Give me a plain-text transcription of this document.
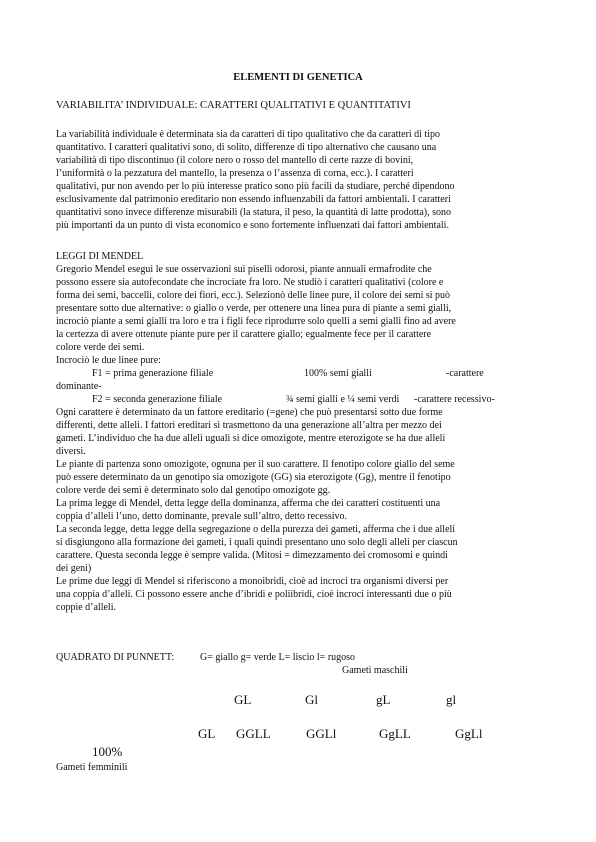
ELEMENTI DI GENETICA
VARIABILITA’ INDIVIDUALE: CARATTERI QUALITATIVI E QUANTITATIVI

La variabilità individuale è determinata sia da caratteri di tipo qualitativo che da caratteri di tipo

quantitativo. I caratteri qualitativi sono, di solito, differenze di tipo alternativo che causano una

variabilità di tipo discontinuo (il colore nero o rosso del mantello di certe razze di bovini,

l’uniformità o la pezzatura del mantello, la presenza o l’assenza di corna, ecc.). I caratteri

qualitativi, pur non avendo per lo più interesse pratico sono più facili da studiare, perché dipendono

esclusivamente dal patrimonio ereditario non essendo influenzabili da fattori ambientali. I caratteri

quantitativi sono invece differenze misurabili (la statura, il peso, la quantità di latte prodotta), sono

più importanti da un punto di vista economico e sono fortemente influenzati dai fattori ambientali.

LEGGI DI MENDEL

Gregorio Mendel eseguì le sue osservazioni sui piselli odorosi, piante annuali ermafrodite che

possono essere sia autofecondate che incrociate fra loro. Ne studiò i caratteri qualitativi (colore e

forma dei semi, baccelli, colore dei fiori, ecc.). Selezionò delle linee pure, il colore dei semi si può

presentare sotto due alternative: o giallo o verde, per ottenere una linea pura di piante a semi gialli,

incrociò piante a semi gialli tra loro e tra i figli fece riprodurre solo quelli a semi gialli fino ad avere

la certezza di avere ottenute piante pure per il carattere giallo; egualmente fece per il carattere

colore verde dei semi.

Incrociò le due linee pure:

F1 = prima generazione filiale	100% semi gialli	-carattere

dominante-

F2 = seconda generazione filiale	¾ semi gialli e ¼ semi verdi -carattere recessivo-

Ogni carattere è determinato da un fattore ereditario (=gene) che può presentarsi sotto due forme

differenti, dette alleli. I fattori ereditari si trasmettono da una generazione all’altra per mezzo dei

gameti. L’individuo che ha due alleli uguali si dice omozigote, mentre eterozigote se ha due alleli

diversi.

Le piante di partenza sono omozigote, ognuna per il suo carattere. Il fenotipo colore giallo del seme

può essere determinato da un genotipo sia omozigote (GG) sia eterozigote (Gg), mentre il fenotipo

colore verde dei semi è determinato solo dal genotipo omozigote gg.

La prima legge di Mendel, detta legge della dominanza, afferma che dei caratteri costituenti una

coppia d’alleli l’uno, detto dominante, prevale sull’altro, detto recessivo.

La seconda legge, detta legge della segregazione o della purezza dei gameti, afferma che i due alleli

si disgiungono alla formazione dei gameti, i quali quindi presentano uno solo degli alleli per ciascun

carattere. Questa seconda legge è sempre valida. (Mitosi = dimezzamento dei cromosomi e quindi

dei geni)

Le prime due leggi di Mendel si riferiscono a monoibridi, cioè ad incroci tra organismi diversi per

una coppia d’alleli. Ci possono essere anche d’ibridi e poliibridi, cioè incroci interessanti due o più

coppie d’alleli.

QUADRATO DI PUNNETT:	G= giallo g= verde L= liscio l= rugoso
Gameti maschili
GL	Gl	gL	gl
GL GGLL	GGLl	GgLL	GgLl
100%
Gameti femminili
